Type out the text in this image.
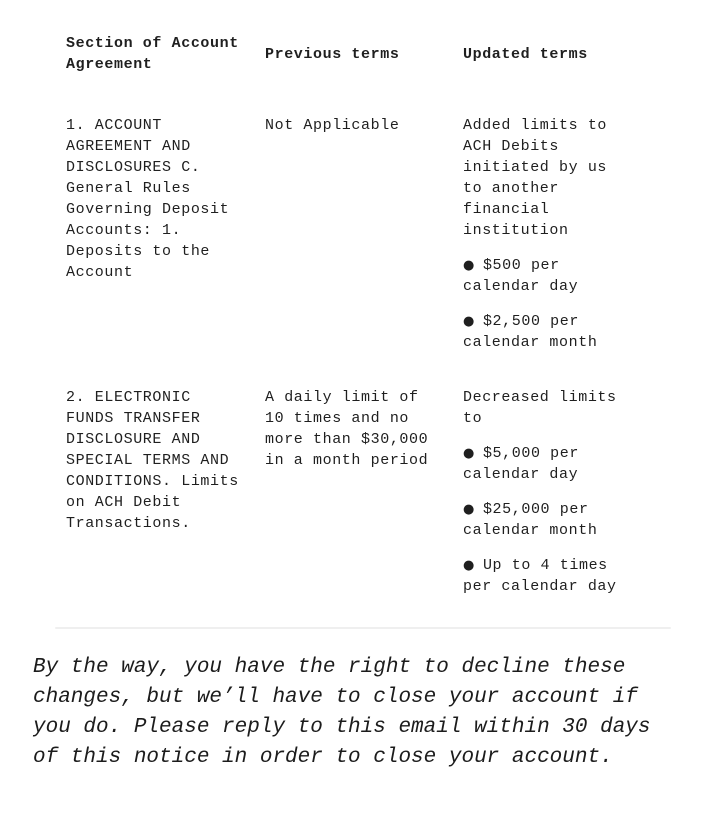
Section of Account Agreement
Previous terms	Updated terms
1. ACCOUNT AGREEMENT AND DISCLOSURES C. General Rules Governing Deposit Accounts: 1. Deposits to the Account
Not Applicable	Added limits to ACH Debits initiated by us to another financial institution
● $500 per calendar day
● $2,500 per calendar month
2. ELECTRONIC FUNDS TRANSFER DISCLOSURE AND SPECIAL TERMS AND CONDITIONS. Limits on ACH Debit Transactions.
A daily limit of 10 times and no more than $30,000 in a month period
Decreased limits to
● $5,000 per calendar day
● $25,000 per calendar month
● Up to 4 times per calendar day
By the way, you have the right to decline these changes, but we’ll have to close your account if you do. Please reply to this email within 30 days of this notice in order to close your account.
